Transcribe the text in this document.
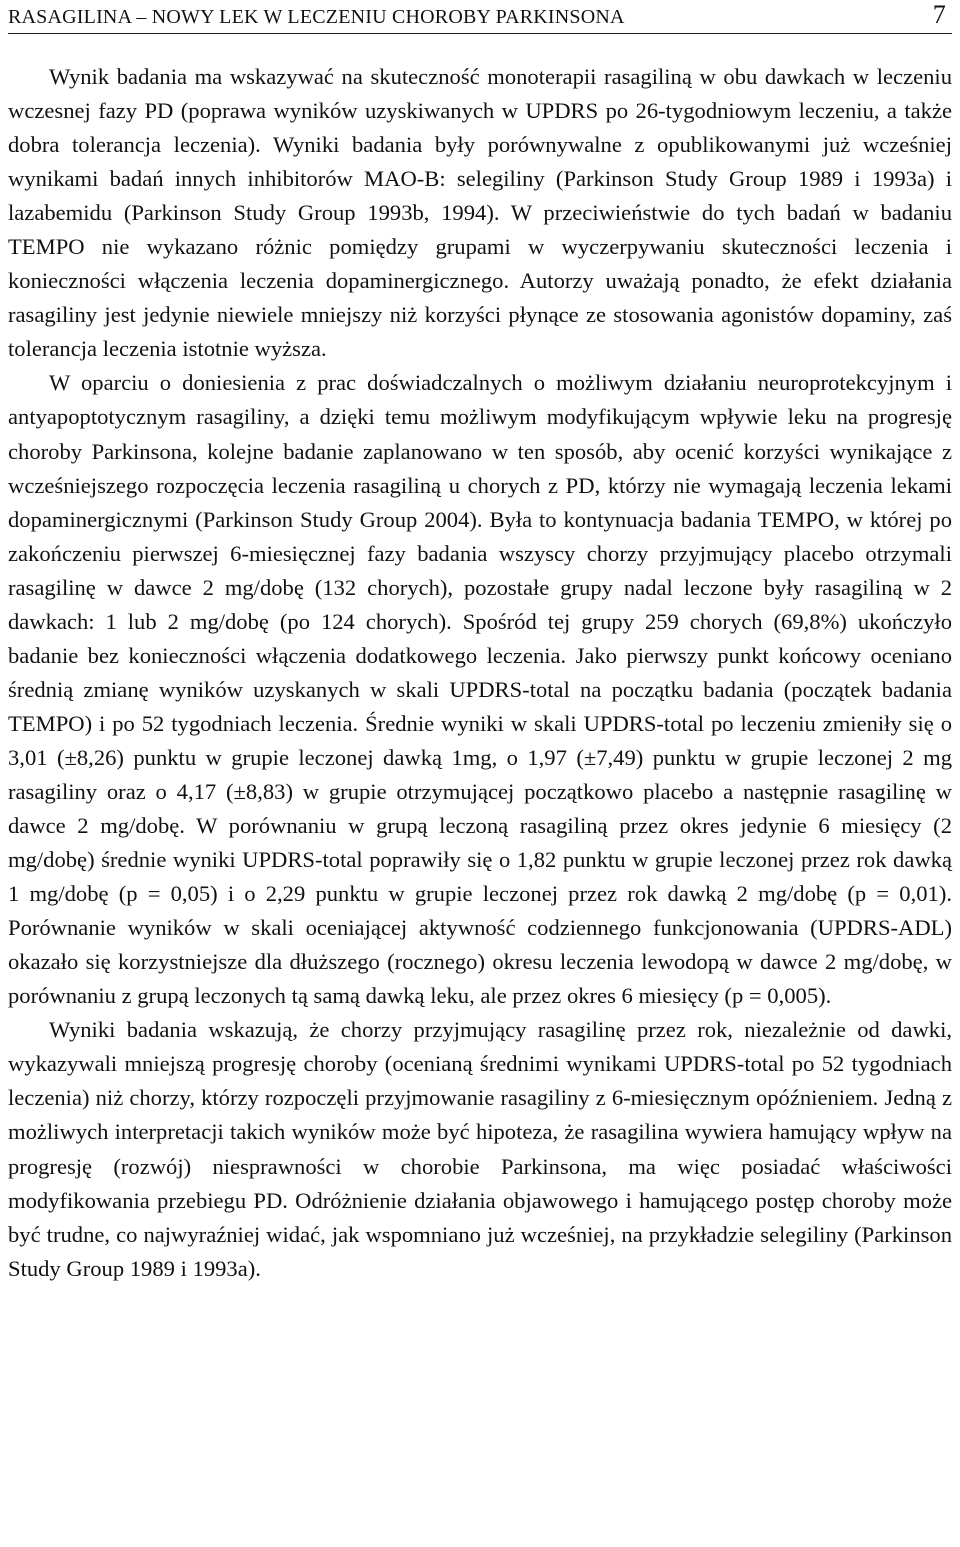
RASAGILINA – NOWY LEK W LECZENIU CHOROBY PARKINSONA	7

Wynik badania ma wskazywać na skuteczność monoterapii rasagiliną w obu dawkach w leczeniu wczesnej fazy PD (poprawa wyników uzyskiwanych w UPDRS po 26-tygodniowym leczeniu, a także dobra tolerancja leczenia). Wyniki badania były porównywalne z opublikowanymi już wcześniej wynikami badań innych inhibitorów MAO-B: selegiliny (Parkinson Study Group 1989 i 1993a) i lazabemidu (Parkinson Study Group 1993b, 1994). W przeciwieństwie do tych badań w badaniu TEMPO nie wykazano różnic pomiędzy grupami w wyczerpywaniu skuteczności leczenia i konieczności włączenia leczenia dopaminergicznego. Autorzy uważają ponadto, że efekt działania rasagiliny jest jedynie niewiele mniejszy niż korzyści płynące ze stosowania agonistów dopaminy, zaś tolerancja leczenia istotnie wyższa.

W oparciu o doniesienia z prac doświadczalnych o możliwym działaniu neuroprotekcyjnym i antyapoptotycznym rasagiliny, a dzięki temu możliwym modyfikującym wpływie leku na progresję choroby Parkinsona, kolejne badanie zaplanowano w ten sposób, aby ocenić korzyści wynikające z wcześniejszego rozpoczęcia leczenia rasagiliną u chorych z PD, którzy nie wymagają leczenia lekami dopaminergicznymi (Parkinson Study Group 2004). Była to kontynuacja badania TEMPO, w której po zakończeniu pierwszej 6-miesięcznej fazy badania wszyscy chorzy przyjmujący placebo otrzymali rasagilinę w dawce 2 mg/dobę (132 chorych), pozostałe grupy nadal leczone były rasagiliną w 2 dawkach: 1 lub 2 mg/dobę (po 124 chorych). Spośród tej grupy 259 chorych (69,8%) ukończyło badanie bez konieczności włączenia dodatkowego leczenia. Jako pierwszy punkt końcowy oceniano średnią zmianę wyników uzyskanych w skali UPDRS-total na początku badania (początek badania TEMPO) i po 52 tygodniach leczenia. Średnie wyniki w skali UPDRS-total po leczeniu zmieniły się o 3,01 (±8,26) punktu w grupie leczonej dawką 1mg, o 1,97 (±7,49) punktu w grupie leczonej 2 mg rasagiliny oraz o 4,17 (±8,83) w grupie otrzymującej początkowo placebo a następnie rasagilinę w dawce 2 mg/dobę. W porównaniu w grupą leczoną rasagiliną przez okres jedynie 6 miesięcy (2 mg/dobę) średnie wyniki UPDRS-total poprawiły się o 1,82 punktu w grupie leczonej przez rok dawką 1 mg/dobę (p = 0,05) i o 2,29 punktu w grupie leczonej przez rok dawką 2 mg/dobę (p = 0,01). Porównanie wyników w skali oceniającej aktywność codziennego funkcjonowania (UPDRS-ADL) okazało się korzystniejsze dla dłuższego (rocznego) okresu leczenia lewodopą w dawce 2 mg/dobę, w porównaniu z grupą leczonych tą samą dawką leku, ale przez okres 6 miesięcy (p = 0,005).

Wyniki badania wskazują, że chorzy przyjmujący rasagilinę przez rok, niezależnie od dawki, wykazywali mniejszą progresję choroby (ocenianą średnimi wynikami UPDRS-total po 52 tygodniach leczenia) niż chorzy, którzy rozpoczęli przyjmowanie rasagiliny z 6-miesięcznym opóźnieniem. Jedną z możliwych interpretacji takich wyników może być hipoteza, że rasagilina wywiera hamujący wpływ na progresję (rozwój) niesprawności w chorobie Parkinsona, ma więc posiadać właściwości modyfikowania przebiegu PD. Odróżnienie działania objawowego i hamującego postęp choroby może być trudne, co najwyraźniej widać, jak wspomniano już wcześniej, na przykładzie selegiliny (Parkinson Study Group 1989 i 1993a).
